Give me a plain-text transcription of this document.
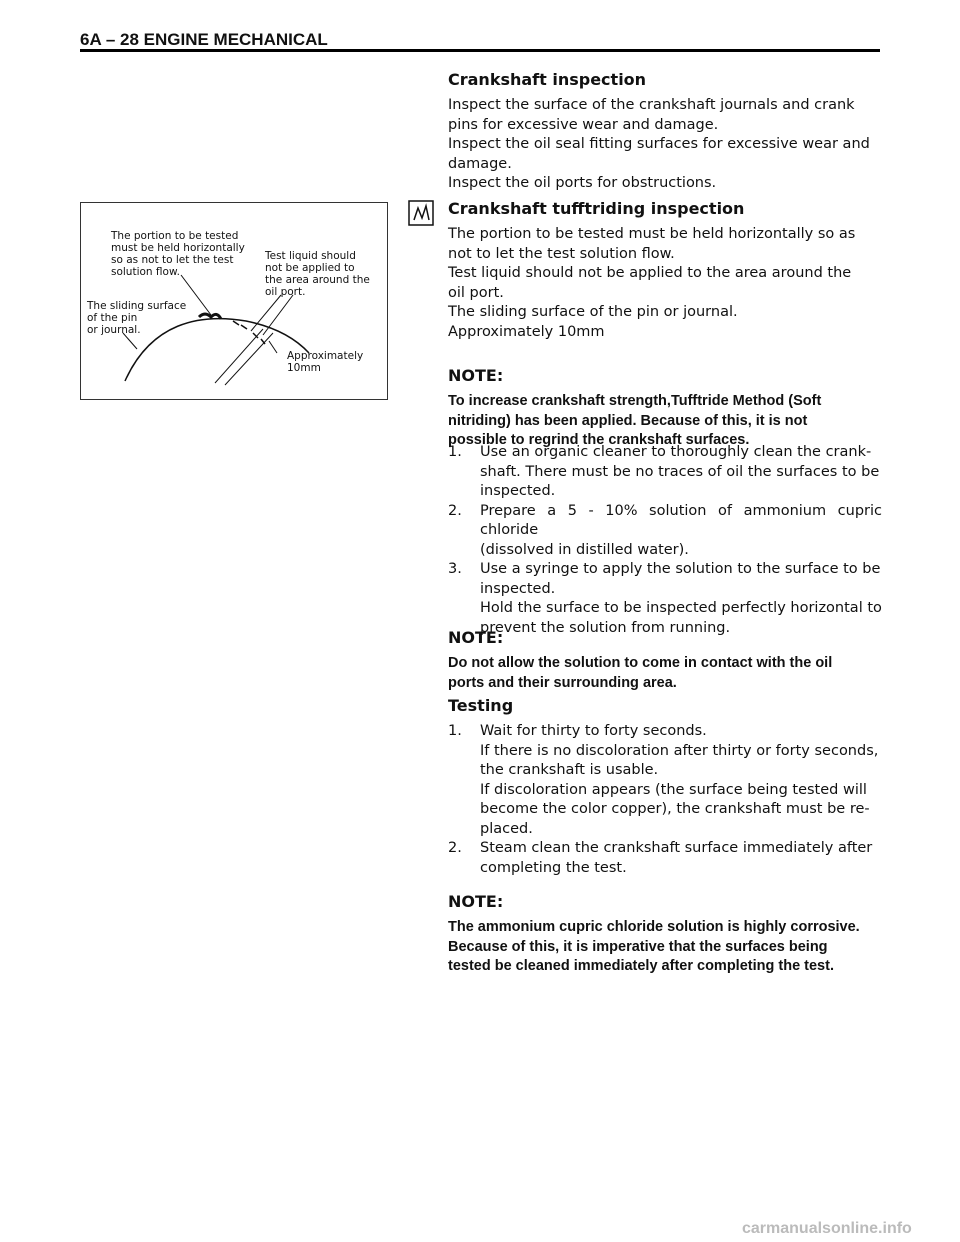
6A – 28 ENGINE MECHANICAL
The portion to be tested must be held horizontally so as not to let the test solution flow.
Test liquid should not be applied to the area around the oil port.
The sliding surface of the pin or journal.
Approximately 10mm
Crankshaft inspection

Inspect the surface of the crankshaft journals and crank
pins for excessive wear and damage.
Inspect the oil seal fitting surfaces for excessive wear and
damage.
Inspect the oil ports for obstructions.

Crankshaft tufftriding inspection

The portion to be tested must be held horizontally so as
not to let the test solution flow.
Test liquid should not be applied to the area around the
oil port.
The sliding surface of the pin or journal.
Approximately 10mm

NOTE:

To increase crankshaft strength,Tufftride Method (Soft
nitriding) has been applied. Because of this, it is not
possible to regrind the crankshaft surfaces.

1.	Use an organic cleaner to thoroughly clean the crank-
shaft. There must be no traces of oil the surfaces to be
inspected.
2.	Prepare a 5 - 10% solution of ammonium cupric chloride
(dissolved in distilled water).
3.	Use a syringe to apply the solution to the surface to be
inspected.
Hold the surface to be inspected perfectly horizontal to
prevent the solution from running.
NOTE:

Do not allow the solution to come in contact with the oil
ports and their surrounding area.

Testing
1.	Wait for thirty to forty seconds.
If there is no discoloration after thirty or forty seconds,
the crankshaft is usable.
If discoloration appears (the surface being tested will
become the color copper), the crankshaft must be re-
placed.
2.	Steam clean the crankshaft surface immediately after
completing the test.
NOTE:

The ammonium cupric chloride solution is highly corrosive.
Because of this, it is imperative that the surfaces being
tested be cleaned immediately after completing the test.

carmanualsonline.info
